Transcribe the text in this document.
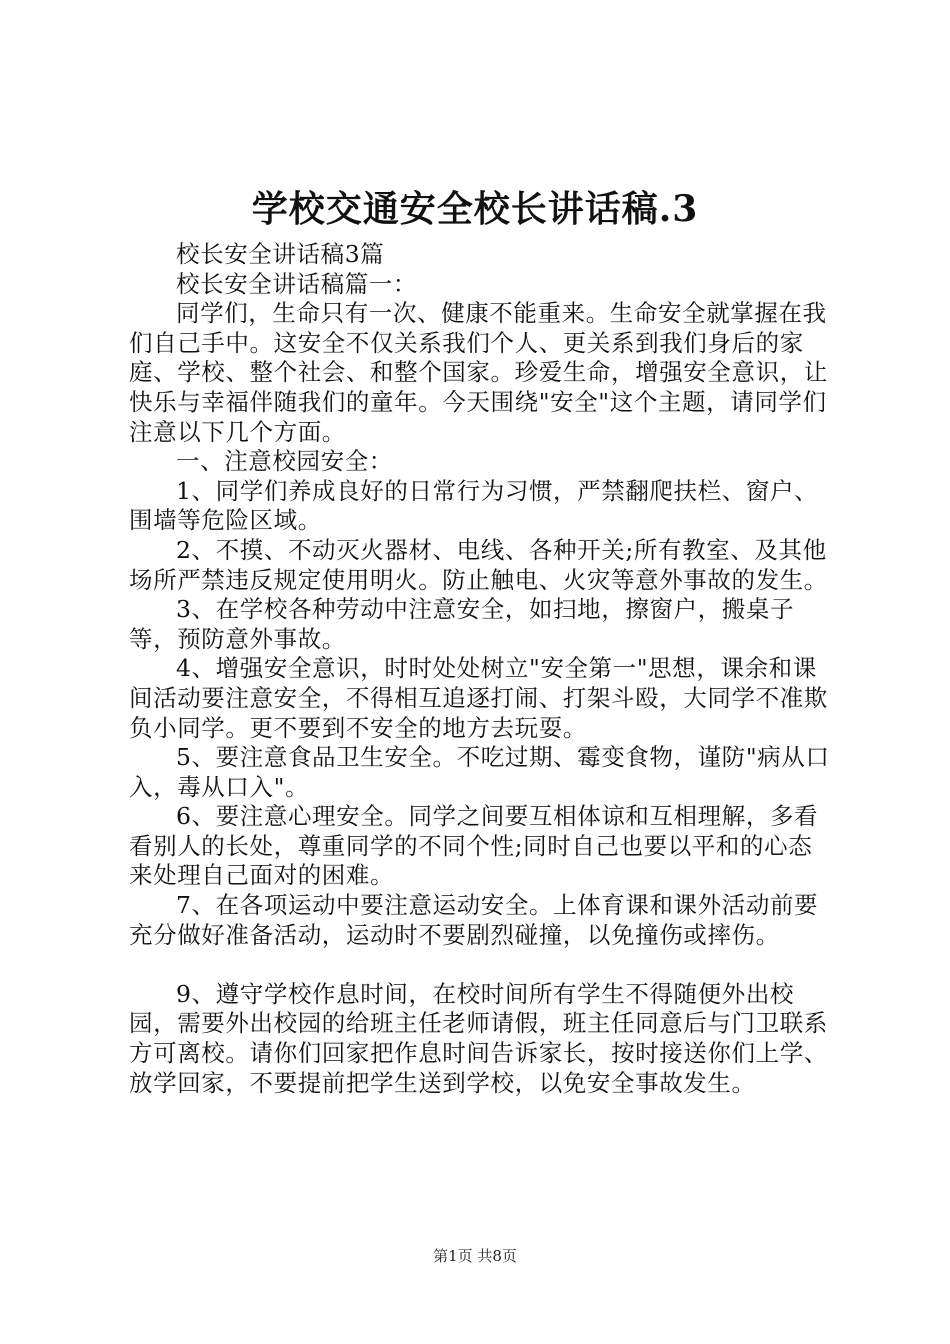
学校交通安全校长讲话稿.3

校长安全讲话稿3篇

校长安全讲话稿篇一：

同学们，生命只有一次、健康不能重来。生命安全就掌握在我们自己手中。这安全不仅关系我们个人、更关系到我们身后的家庭、学校、整个社会、和整个国家。珍爱生命，增强安全意识，让快乐与幸福伴随我们的童年。今天围绕"安全"这个主题，请同学们注意以下几个方面。

一、注意校园安全：

1、同学们养成良好的日常行为习惯，严禁翻爬扶栏、窗户、围墙等危险区域。

2、不摸、不动灭火器材、电线、各种开关;所有教室、及其他场所严禁违反规定使用明火。防止触电、火灾等意外事故的发生。

3、在学校各种劳动中注意安全，如扫地，擦窗户，搬桌子等，预防意外事故。

4、增强安全意识，时时处处树立"安全第一"思想，课余和课间活动要注意安全，不得相互追逐打闹、打架斗殴，大同学不准欺负小同学。更不要到不安全的地方去玩耍。

5、要注意食品卫生安全。不吃过期、霉变食物，谨防"病从口入，毒从口入"。

6、要注意心理安全。同学之间要互相体谅和互相理解，多看看别人的长处，尊重同学的不同个性;同时自己也要以平和的心态来处理自己面对的困难。

7、在各项运动中要注意运动安全。上体育课和课外活动前要充分做好准备活动，运动时不要剧烈碰撞，以免撞伤或摔伤。

9、遵守学校作息时间，在校时间所有学生不得随便外出校园，需要外出校园的给班主任老师请假，班主任同意后与门卫联系方可离校。请你们回家把作息时间告诉家长，按时接送你们上学、放学回家，不要提前把学生送到学校，以免安全事故发生。

第1页 共8页
